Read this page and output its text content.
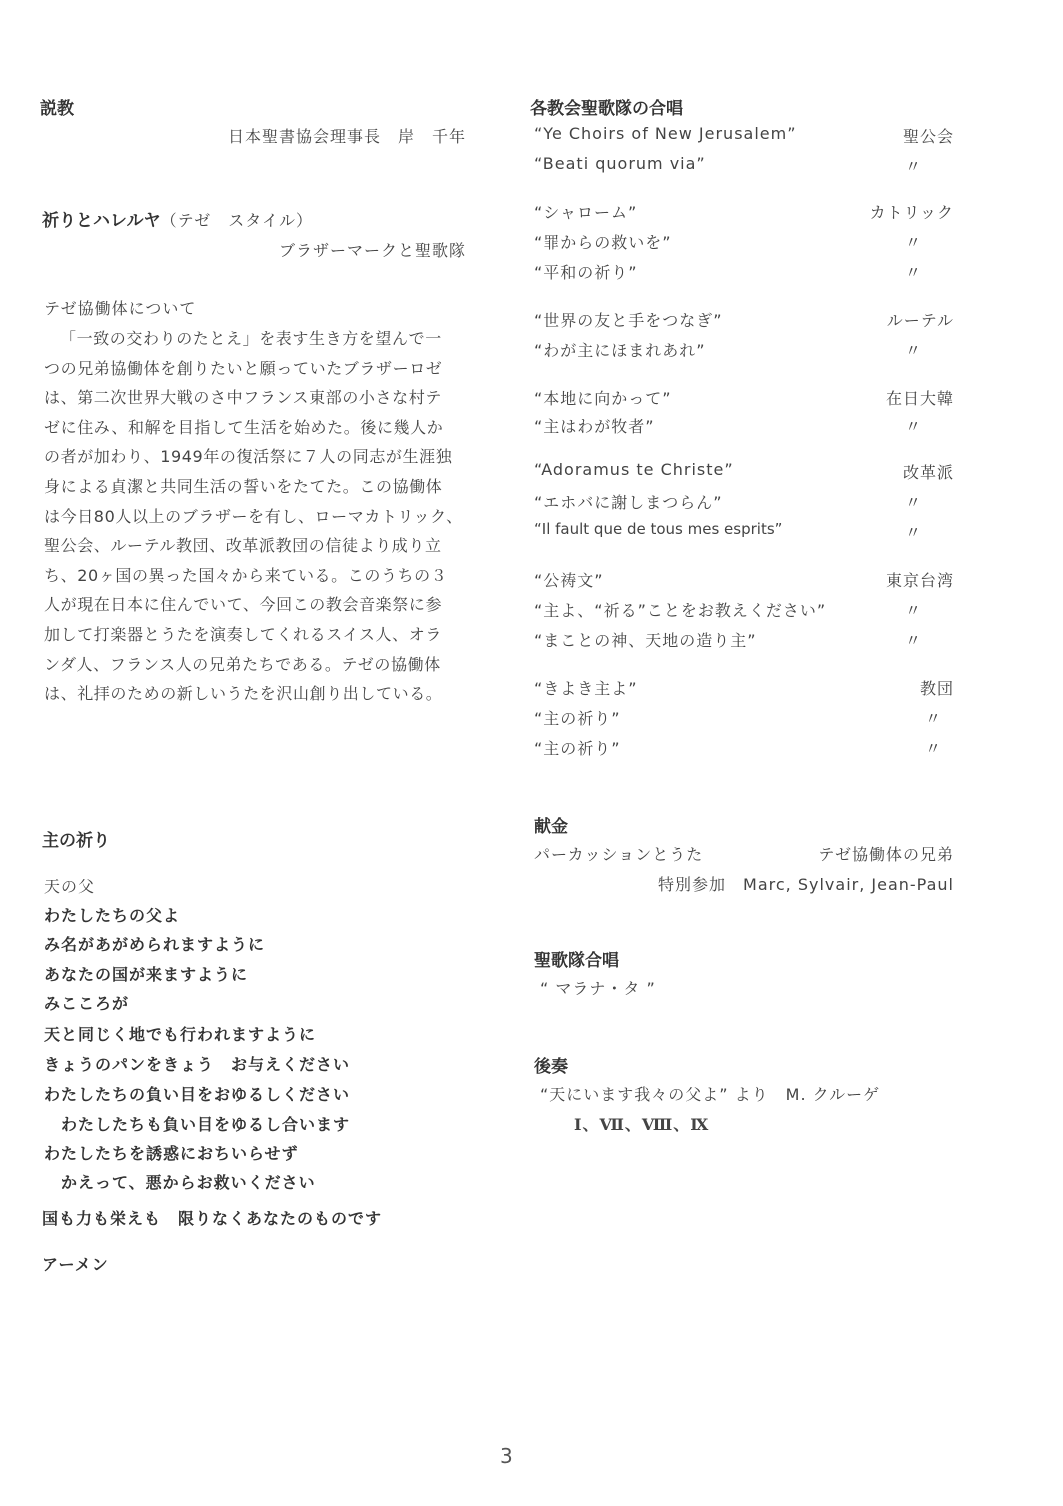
説教
日本聖書協会理事長　岸　千年
祈りとハレルヤ（テゼ　スタイル）
ブラザーマークと聖歌隊
テゼ協働体について
「一致の交わりのたとえ」を表す生き方を望んで一
つの兄弟協働体を創りたいと願っていたブラザーロゼ
は、第二次世界大戦のさ中フランス東部の小さな村テ
ゼに住み、和解を目指して生活を始めた。後に幾人か
の者が加わり、1949年の復活祭に７人の同志が生涯独
身による貞潔と共同生活の誓いをたてた。この協働体
は今日80人以上のブラザーを有し、ローマカトリック、
聖公会、ルーテル教団、改革派教団の信徒より成り立
ち、20ヶ国の異った国々から来ている。このうちの３
人が現在日本に住んでいて、今回この教会音楽祭に参
加して打楽器とうたを演奏してくれるスイス人、オラ
ンダ人、フランス人の兄弟たちである。テゼの協働体
は、礼拝のための新しいうたを沢山創り出している。
主の祈り
天の父
わたしたちの父よ
み名があがめられますように
あなたの国が来ますように
みこころが
天と同じく地でも行われますように
きょうのパンをきょう　お与えください
わたしたちの負い目をおゆるしください
　わたしたちも負い目をゆるし合います
わたしたちを誘惑におちいらせず
　かえって、悪からお救いください
国も力も栄えも　限りなくあなたのものです
アーメン
各教会聖歌隊の合唱
“Ye Choirs of New Jerusalem”	聖公会
“Beati quorum via”	〃
“シャローム”	カトリック
“罪からの救いを”	〃
“平和の祈り”	〃
“世界の友と手をつなぎ”	ルーテル
“わが主にほまれあれ”	〃
“本地に向かって”	在日大韓
“主はわが牧者”	〃
“Adoramus te Christe”	改革派
“エホバに謝しまつらん”	〃
“Il fault que de tous mes esprits”	〃
“公祷文”	東京台湾
“主よ、“祈る”ことをお教えください”	〃
“まことの神、天地の造り主”	〃
“きよき主よ”	教団
“主の祈り”	〃
“主の祈り”	〃
献金
パーカッションとうた	テゼ協働体の兄弟
特別参加　Marc, Sylvair, Jean-Paul
聖歌隊合唱
“ マラナ・タ ”
後奏
“天にいます我々の父よ” より　M. クルーゲ
Ⅰ、Ⅶ、Ⅷ、Ⅸ
3
